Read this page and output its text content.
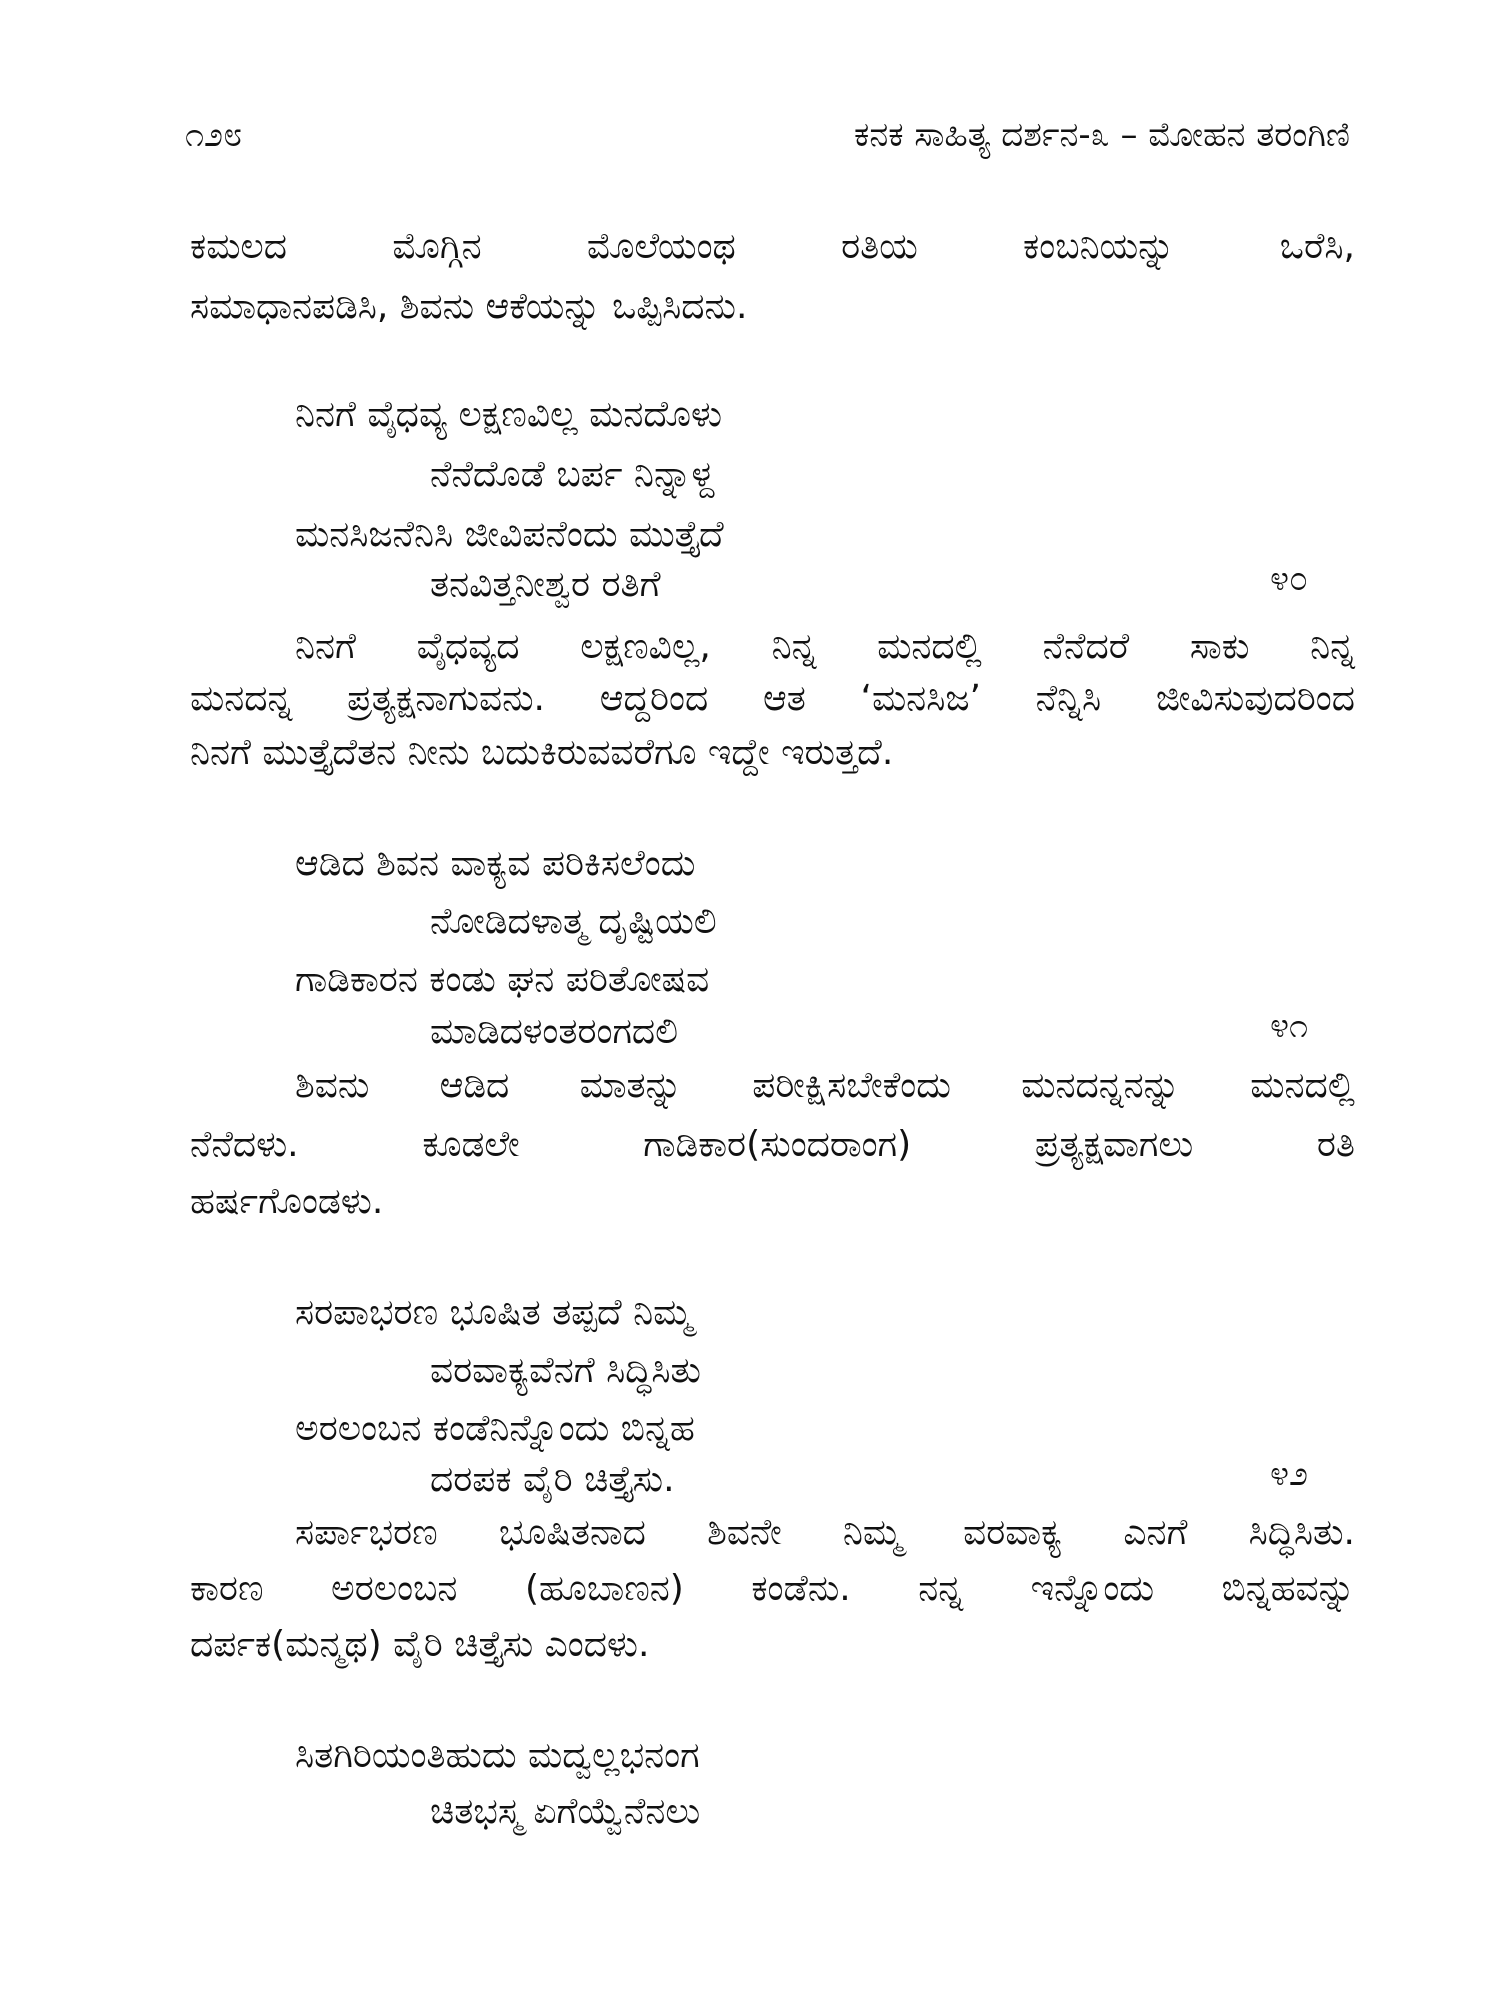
೧೨೮	ಕನಕ ಸಾಹಿತ್ಯ ದರ್ಶನ-೩ – ಮೋಹನ ತರಂಗಿಣಿ
ಕಮಲದ ಮೊಗ್ಗಿನ ಮೊಲೆಯಂಥ ರತಿಯ ಕಂಬನಿಯನ್ನು ಒರೆಸಿ,
ಸಮಾಧಾನಪಡಿಸಿ, ಶಿವನು ಆಕೆಯನ್ನು ಒಪ್ಪಿಸಿದನು.
ನಿನಗೆ ವೈಧವ್ಯ ಲಕ್ಷಣವಿಲ್ಲ ಮನದೊಳು
ನೆನೆದೊಡೆ ಬರ್ಪ ನಿನ್ನಾಳ್ದ
ಮನಸಿಜನೆನಿಸಿ ಜೀವಿಪನೆಂದು ಮುತ್ತೈದೆ
ತನವಿತ್ತನೀಶ್ವರ ರತಿಗೆ	೪೦
ನಿನಗೆ ವೈಧವ್ಯದ ಲಕ್ಷಣವಿಲ್ಲ, ನಿನ್ನ ಮನದಲ್ಲಿ ನೆನೆದರೆ ಸಾಕು ನಿನ್ನ
ಮನದನ್ನ ಪ್ರತ್ಯಕ್ಷನಾಗುವನು. ಆದ್ದರಿಂದ ಆತ ‘ಮನಸಿಜ’ ನೆನ್ನಿಸಿ ಜೀವಿಸುವುದರಿಂದ
ನಿನಗೆ ಮುತ್ತೈದೆತನ ನೀನು ಬದುಕಿರುವವರೆಗೂ ಇದ್ದೇ ಇರುತ್ತದೆ.
ಆಡಿದ ಶಿವನ ವಾಕ್ಯವ ಪರಿಕಿಸಲೆಂದು
ನೋಡಿದಳಾತ್ಮ ದೃಷ್ಟಿಯಲಿ
ಗಾಡಿಕಾರನ ಕಂಡು ಘನ ಪರಿತೋಷವ
ಮಾಡಿದಳಂತರಂಗದಲಿ	೪೧
ಶಿವನು ಆಡಿದ ಮಾತನ್ನು ಪರೀಕ್ಷಿಸಬೇಕೆಂದು ಮನದನ್ನನನ್ನು ಮನದಲ್ಲಿ
ನೆನೆದಳು. ಕೂಡಲೇ ಗಾಡಿಕಾರ(ಸುಂದರಾಂಗ) ಪ್ರತ್ಯಕ್ಷವಾಗಲು ರತಿ
ಹರ್ಷಗೊಂಡಳು.
ಸರಪಾಭರಣ ಭೂಷಿತ ತಪ್ಪದೆ ನಿಮ್ಮ
ವರವಾಕ್ಯವೆನಗೆ ಸಿದ್ಧಿಸಿತು
ಅರಲಂಬನ ಕಂಡೆನಿನ್ನೊಂದು ಬಿನ್ನಹ
ದರಪಕ ವೈರಿ ಚಿತ್ತೈಸು.	೪೨
ಸರ್ಪಾಭರಣ ಭೂಷಿತನಾದ ಶಿವನೇ ನಿಮ್ಮ ವರವಾಕ್ಯ ಎನಗೆ ಸಿದ್ಧಿಸಿತು.
ಕಾರಣ ಅರಲಂಬನ (ಹೂಬಾಣನ) ಕಂಡೆನು. ನನ್ನ ಇನ್ನೊಂದು ಬಿನ್ನಹವನ್ನು
ದರ್ಪಕ(ಮನ್ಮಥ) ವೈರಿ ಚಿತ್ತೈಸು ಎಂದಳು.
ಸಿತಗಿರಿಯಂತಿಹುದು ಮದ್ವಲ್ಲಭನಂಗ
ಚಿತಭಸ್ಮ ಏಗೆಯ್ವೆನೆನಲು
